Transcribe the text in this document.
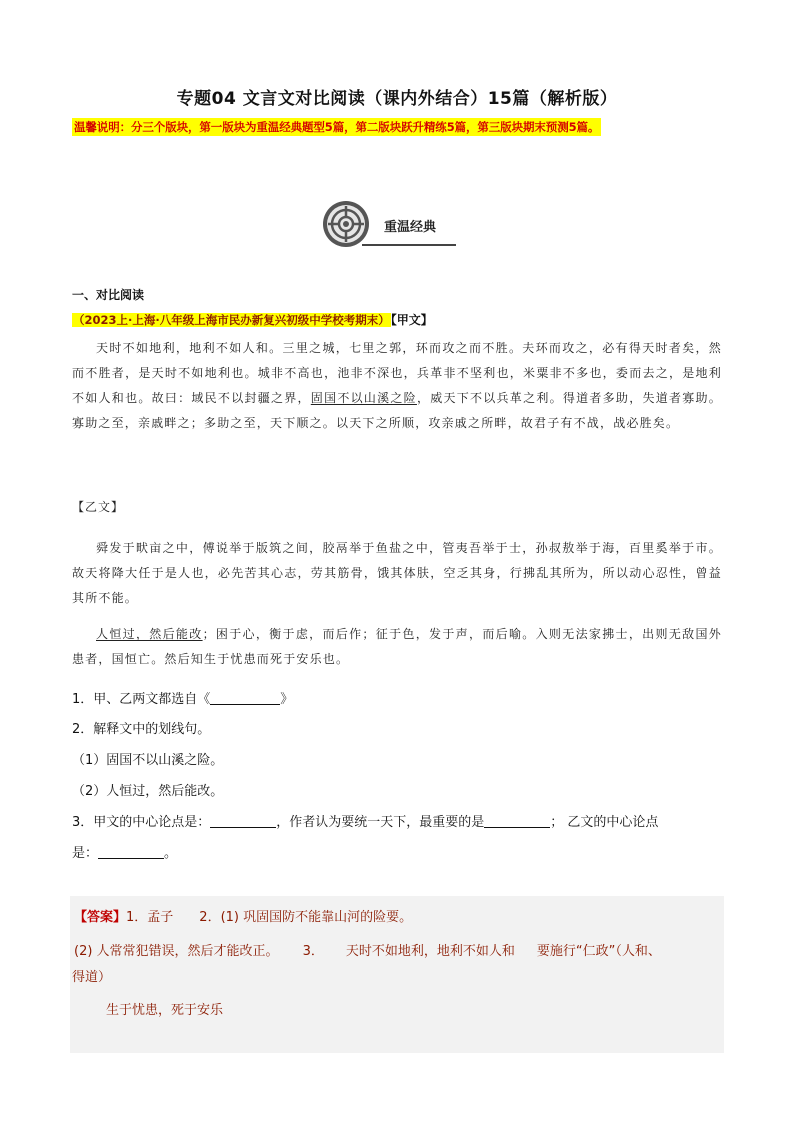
专题04 文言文对比阅读（课内外结合）15篇（解析版）
温馨说明：分三个版块，第一版块为重温经典题型5篇，第二版块跃升精练5篇，第三版块期末预测5篇。
重温经典
一、对比阅读
（2023上·上海·八年级上海市民办新复兴初级中学校考期末）【甲文】
天时不如地利，地利不如人和。三里之城，七里之郭，环而攻之而不胜。夫环而攻之，必有得天时者矣，然而不胜者，是天时不如地利也。城非不高也，池非不深也，兵革非不坚利也，米粟非不多也，委而去之，是地利不如人和也。故曰：域民不以封疆之界，固国不以山溪之险，威天下不以兵革之利。得道者多助，失道者寡助。寡助之至，亲戚畔之；多助之至，天下顺之。以天下之所顺，攻亲戚之所畔，故君子有不战，战必胜矣。
【乙文】
舜发于畎亩之中，傅说举于版筑之间，胶鬲举于鱼盐之中，管夷吾举于士，孙叔敖举于海，百里奚举于市。故天将降大任于是人也，必先苦其心志，劳其筋骨，饿其体肤，空乏其身，行拂乱其所为，所以动心忍性，曾益其所不能。
人恒过，然后能改；困于心，衡于虑，而后作；征于色，发于声，而后喻。入则无法家拂士，出则无敌国外患者，国恒亡。然后知生于忧患而死于安乐也。
1．甲、乙两文都选自《	》
2．解释文中的划线句。
（1）固国不以山溪之险。
（2）人恒过，然后能改。
3．甲文的中心论点是：	，作者认为要统一天下，最重要的是	； 乙文的中心论点
是：	。
【答案】1．孟子 2．(1) 巩固国防不能靠山河的险要。
(2) 人常常犯错误，然后才能改正。 3． 天时不如地利，地利不如人和 要施行“仁政”（人和、
得道）
生于忧患，死于安乐
